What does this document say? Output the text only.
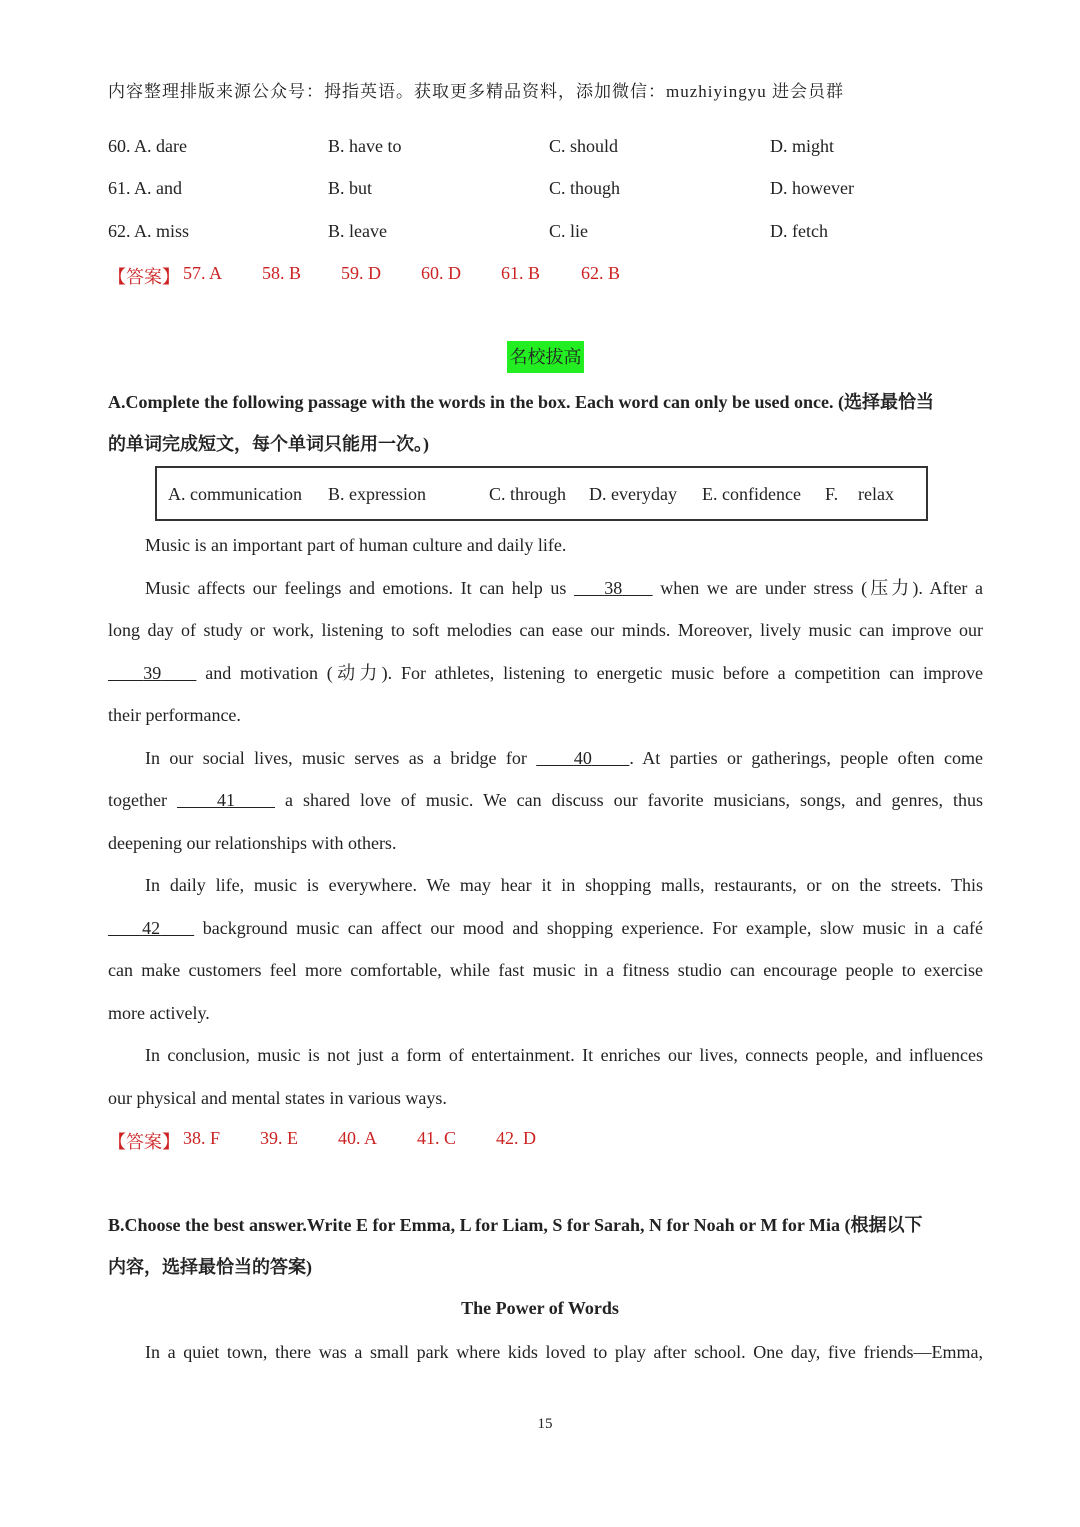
内容整理排版来源公众号：拇指英语。获取更多精品资料，添加微信：muzhiyingyu 进会员群
60. A. dare	B. have to	C. should	D. might
61. A. and	B. but	C. though	D. however
62. A. miss	B. leave	C. lie	D. fetch
【答案】 57. A 58. B 59. D 60. D 61. B 62. B
名校拔高
A.Complete the following passage with the words in the box. Each word can only be used once. (选择最恰当
的单词完成短文，每个单词只能用一次。)
A. communication B. expression	C. through D. everyday E. confidence F. relax
Music is an important part of human culture and daily life.
Music affects our feelings and emotions. It can help us     38     when we are under stress (压力). After a
long day of study or work, listening to soft melodies can ease our minds. Moreover, lively music can improve our
39     and motivation (动力). For athletes, listening to energetic music before a competition can improve
their performance.
In our social lives, music serves as a bridge for     40 . At parties or gatherings, people often come
together     41     a shared love of music. We can discuss our favorite musicians, songs, and genres, thus
deepening our relationships with others.
In daily life, music is everywhere. We may hear it in shopping malls, restaurants, or on the streets. This
42     background music can affect our mood and shopping experience. For example, slow music in a café
can make customers feel more comfortable, while fast music in a fitness studio can encourage people to exercise
more actively.
In conclusion, music is not just a form of entertainment. It enriches our lives, connects people, and influences
our physical and mental states in various ways.
【答案】 38. F 39. E 40. A 41. C 42. D
B.Choose the best answer.Write E for Emma, L for Liam, S for Sarah, N for Noah or M for Mia (根据以下
内容，选择最恰当的答案)
The Power of Words
In a quiet town, there was a small park where kids loved to play after school. One day, five friends—Emma,
15
